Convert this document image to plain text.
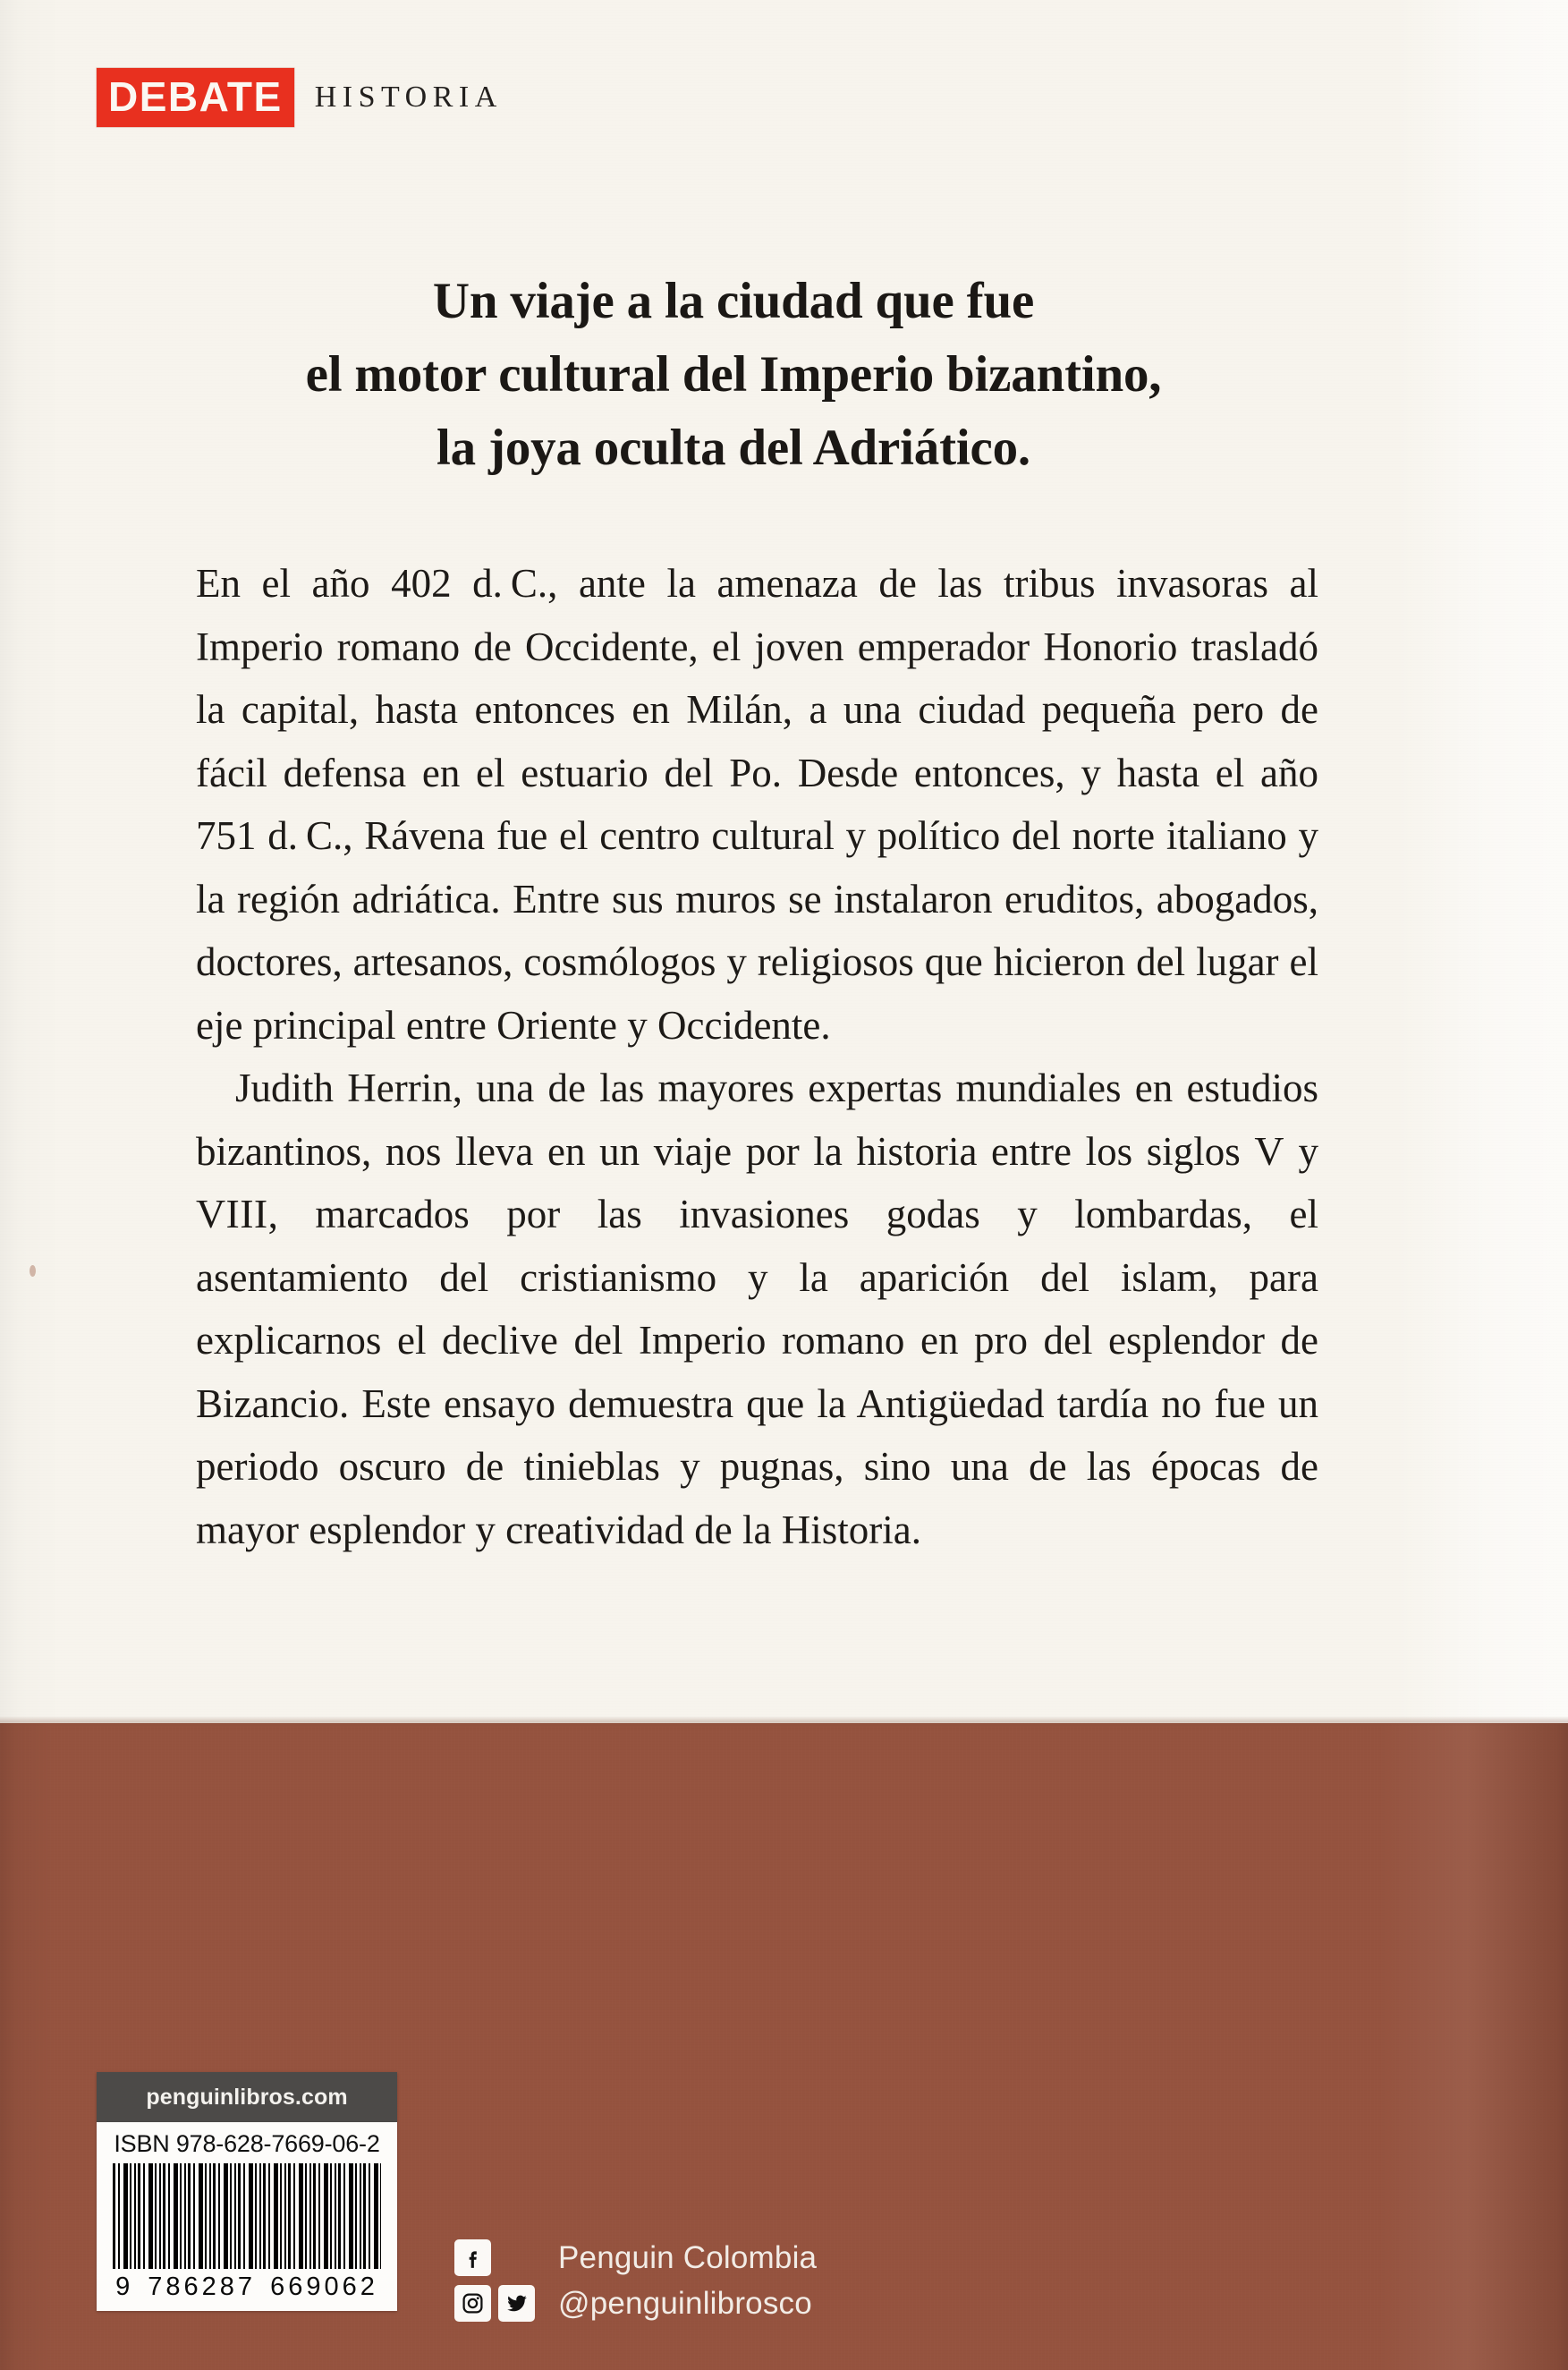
DEBATE	HISTORIA
Un viaje a la ciudad que fue
el motor cultural del Imperio bizantino,
la joya oculta del Adriático.

En el año 402 d. C., ante la amenaza de las tribus invasoras al Imperio romano de Occidente, el joven emperador Honorio trasladó la capital, hasta entonces en Milán, a una ciudad pequeña pero de fácil defensa en el estuario del Po. Desde entonces, y hasta el año 751 d. C., Rávena fue el centro cultural y político del norte italiano y la región adriática. Entre sus muros se instalaron eruditos, abogados, doctores, artesanos, cosmólogos y religiosos que hicieron del lugar el eje principal entre Oriente y Occidente.

Judith Herrin, una de las mayores expertas mundiales en estudios bizantinos, nos lleva en un viaje por la historia entre los siglos V y VIII, marcados por las invasiones godas y lombardas, el asentamiento del cristianismo y la aparición del islam, para explicarnos el declive del Imperio romano en pro del esplendor de Bizancio. Este ensayo demuestra que la Antigüedad tardía no fue un periodo oscuro de tinieblas y pugnas, sino una de las épocas de mayor esplendor y creatividad de la Historia.

penguinlibros.com
ISBN 978-628-7669-06-2
9 786287 669062
Penguin Colombia
@penguinlibrosco
